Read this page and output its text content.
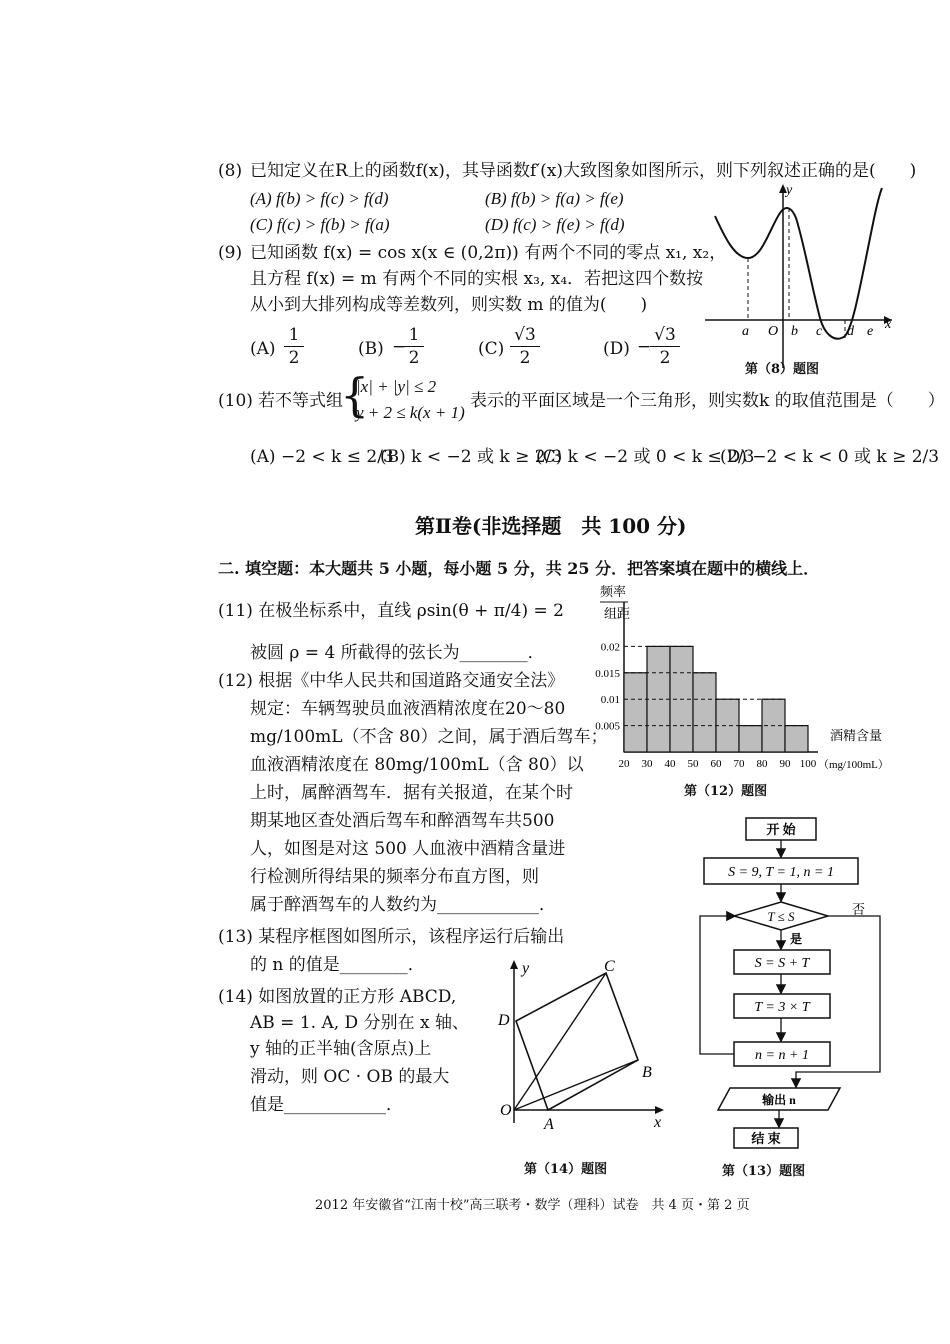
(8) 已知定义在R上的函数f(x)，其导函数f′(x)大致图象如图所示，则下列叙述正确的是(　　)
(A) f(b) > f(c) > f(d)	(B) f(b) > f(a) > f(e)
(C) f(c) > f(b) > f(a)	(D) f(c) > f(e) > f(d)
y
x
a O b c d e
第（8）题图
(9) 已知函数 f(x) = cos x(x ∈ (0,2π)) 有两个不同的零点 x₁, x₂，
且方程 f(x) = m 有两个不同的实根 x₃, x₄．若把这四个数按
从小到大排列构成等差数列，则实数 m 的值为(　　)
(A)
1
2	(B) −
1
2	(C)
√3
2	(D) −
√3
2
(10) 若不等式组
{
|x| + |y| ≤ 2
y + 2 ≤ k(x + 1)
表示的平面区域是一个三角形，则实数k 的取值范围是（　　）
(A) −2 < k ≤ 2/3
(B) k < −2 或 k ≥ 2/3
(C) k < −2 或 0 < k ≤ 2/3
(D) −2 < k < 0 或 k ≥ 2/3
第Ⅱ卷(非选择题　共 100 分)
二. 填空题：本大题共 5 小题，每小题 5 分，共 25 分．把答案填在题中的横线上．
(11) 在极坐标系中，直线 ρsin(θ + π/4) = 2
被圆 ρ = 4 所截得的弦长为________．
(12) 根据《中华人民共和国道路交通安全法》
规定：车辆驾驶员血液酒精浓度在20～80
mg/100mL（不含 80）之间，属于酒后驾车；
血液酒精浓度在 80mg/100mL（含 80）以
上时，属醉酒驾车．据有关报道，在某个时
期某地区查处酒后驾车和醉酒驾车共500
人，如图是对这 500 人血液中酒精含量进
行检测所得结果的频率分布直方图，则
属于醉酒驾车的人数约为____________．
(13) 某程序框图如图所示，该程序运行后输出
的 n 的值是________．
(14) 如图放置的正方形 ABCD,
AB = 1. A, D 分别在 x 轴、
y 轴的正半轴(含原点)上
滑动，则 OC · OB 的最大
值是____________．
0.005
0.01
0.015
0.02
20 30 40 50 60 70 80 90 100
频率
组距
酒精含量
（mg/100mL）
第（12）题图
开 始
S = 9, T = 1, n = 1
T ≤ S	否
是
S = S + T
T = 3 × T
n = n + 1
输出 n
结 束
第（13）题图
y
x
O
A
B
C
D
第（14）题图
2012 年安徽省“江南十校”高三联考・数学（理科）试卷　共 4 页・第 2 页
